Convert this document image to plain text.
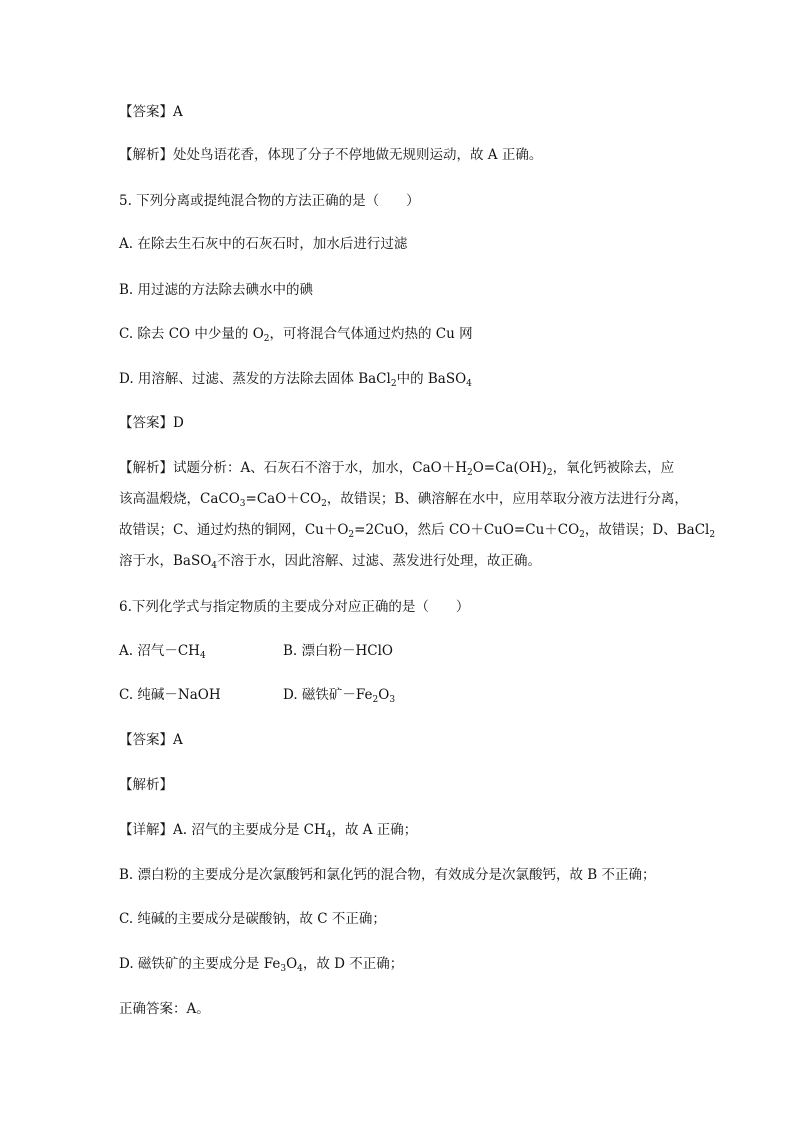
【答案】A
【解析】处处鸟语花香，体现了分子不停地做无规则运动，故 A 正确。
5. 下列分离或提纯混合物的方法正确的是（　　）
A. 在除去生石灰中的石灰石时，加水后进行过滤
B. 用过滤的方法除去碘水中的碘
C. 除去 CO 中少量的 $O_2$，可将混合气体通过灼热的 Cu 网
D. 用溶解、过滤、蒸发的方法除去固体 BaCl$_2$中的 BaSO$_4$
【答案】D
【解析】试题分析：A、石灰石不溶于水，加水，$CaO+H_2O=Ca(OH)_2$，氧化钙被除去，应
该高温煅烧，$CaCO_3=CaO+CO_2$，故错误；B、碘溶解在水中，应用萃取分液方法进行分离，
故错误；C、通过灼热的铜网，$Cu+O_2=2CuO$，然后 $CO+CuO=Cu+CO_2$，故错误；D、BaCl$_2$
溶于水，BaSO$_4$不溶于水，因此溶解、过滤、蒸发进行处理，故正确。
6.下列化学式与指定物质的主要成分对应正确的是（　　）
A. 沼气$-CH_4$	B. 漂白粉－HClO
C. 纯碱－NaOH	D. 磁铁矿$-Fe_2O_3$
【答案】A
【解析】
【详解】A. 沼气的主要成分是 $CH_4$，故 A 正确；
B. 漂白粉的主要成分是次氯酸钙和氯化钙的混合物，有效成分是次氯酸钙，故 B 不正确；
C. 纯碱的主要成分是碳酸钠，故 C 不正确；
D. 磁铁矿的主要成分是 $Fe_3O_4$，故 D 不正确；
正确答案：A。
